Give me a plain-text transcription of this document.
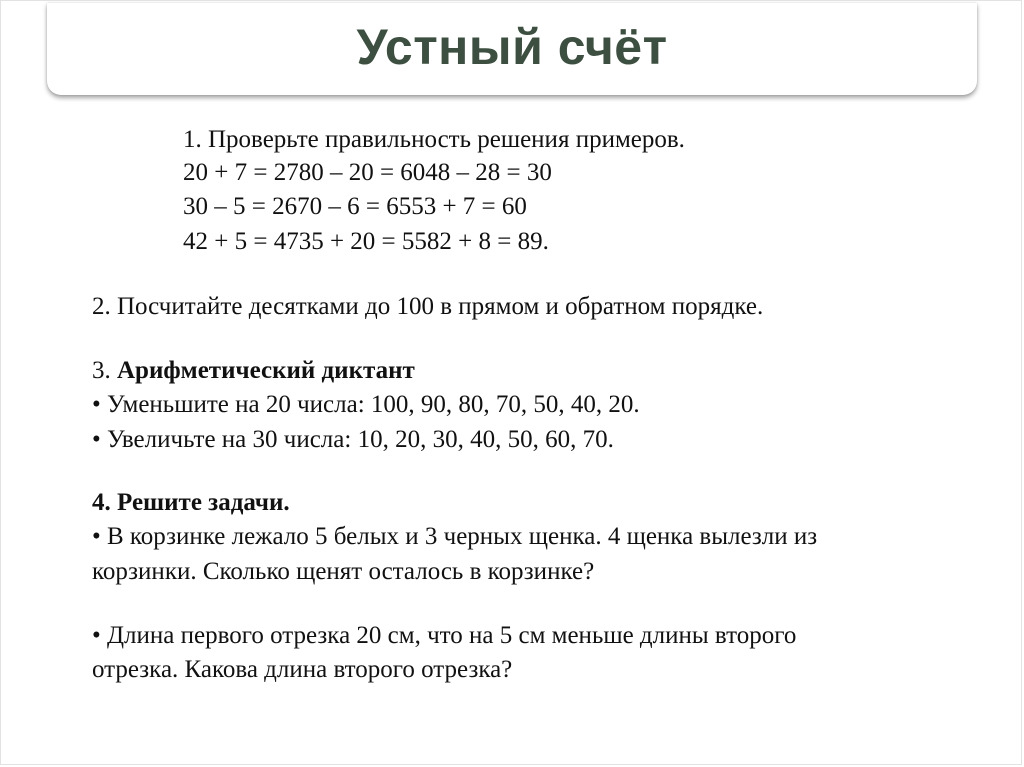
Устный счёт
1. Проверьте правильность решения примеров.
20 + 7 = 2780 – 20 = 6048 – 28 = 30
30 – 5 = 2670 – 6 = 6553 + 7 = 60
42 + 5 = 4735 + 20 = 5582 + 8 = 89.
2. Посчитайте десятками до 100 в прямом и обратном порядке.
3. Арифметический диктант
• Уменьшите на 20 числа: 100, 90, 80, 70, 50, 40, 20.
• Увеличьте на 30 числа: 10, 20, 30, 40, 50, 60, 70.
4. Решите задачи.
• В корзинке лежало 5 белых и 3 черных щенка. 4 щенка вылезли из
корзинки. Сколько щенят осталось в корзинке?
• Длина первого отрезка 20 см, что на 5 см меньше длины второго
отрезка. Какова длина второго отрезка?
